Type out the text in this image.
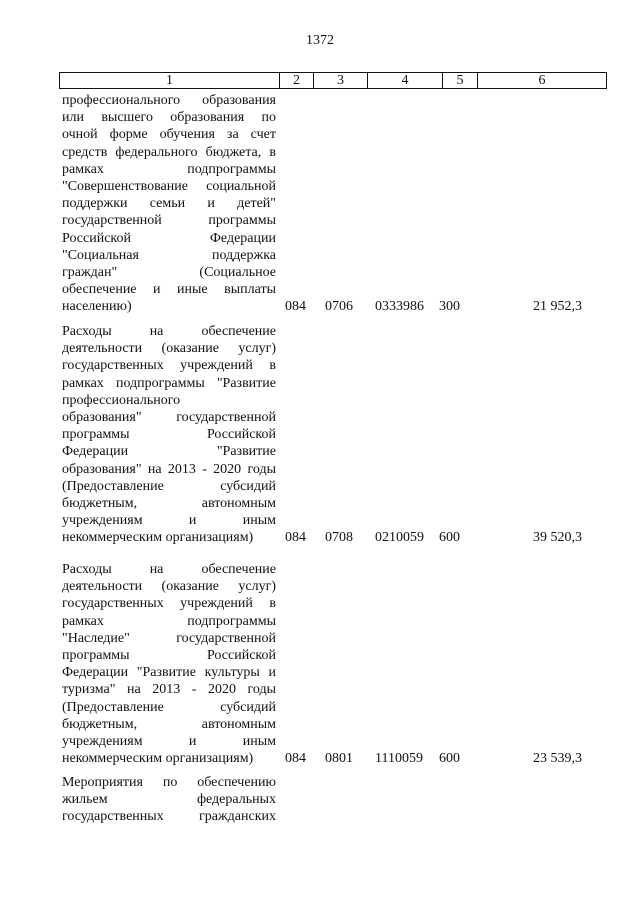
1372
1	2	3	4	5	6
профессионального образования
или высшего образования по
очной форме обучения за счет
средств федерального бюджета, в
рамках подпрограммы
"Совершенствование социальной
поддержки семьи и детей"
государственной программы
Российской Федерации
"Социальная поддержка
граждан" (Социальное
обеспечение и иные выплаты
населению)	084 0706 0333986 300	21 952,3
Расходы на обеспечение
деятельности (оказание услуг)
государственных учреждений в
рамках подпрограммы "Развитие
профессионального
образования" государственной
программы Российской
Федерации "Развитие
образования" на 2013 - 2020 годы
(Предоставление субсидий
бюджетным, автономным
учреждениям и иным
некоммерческим организациям)	084 0708 0210059 600	39 520,3
Расходы на обеспечение
деятельности (оказание услуг)
государственных учреждений в
рамках подпрограммы
"Наследие" государственной
программы Российской
Федерации "Развитие культуры и
туризма" на 2013 - 2020 годы
(Предоставление субсидий
бюджетным, автономным
учреждениям и иным
некоммерческим организациям)	084 0801 1110059 600	23 539,3
Мероприятия по обеспечению
жильем федеральных
государственных гражданских
